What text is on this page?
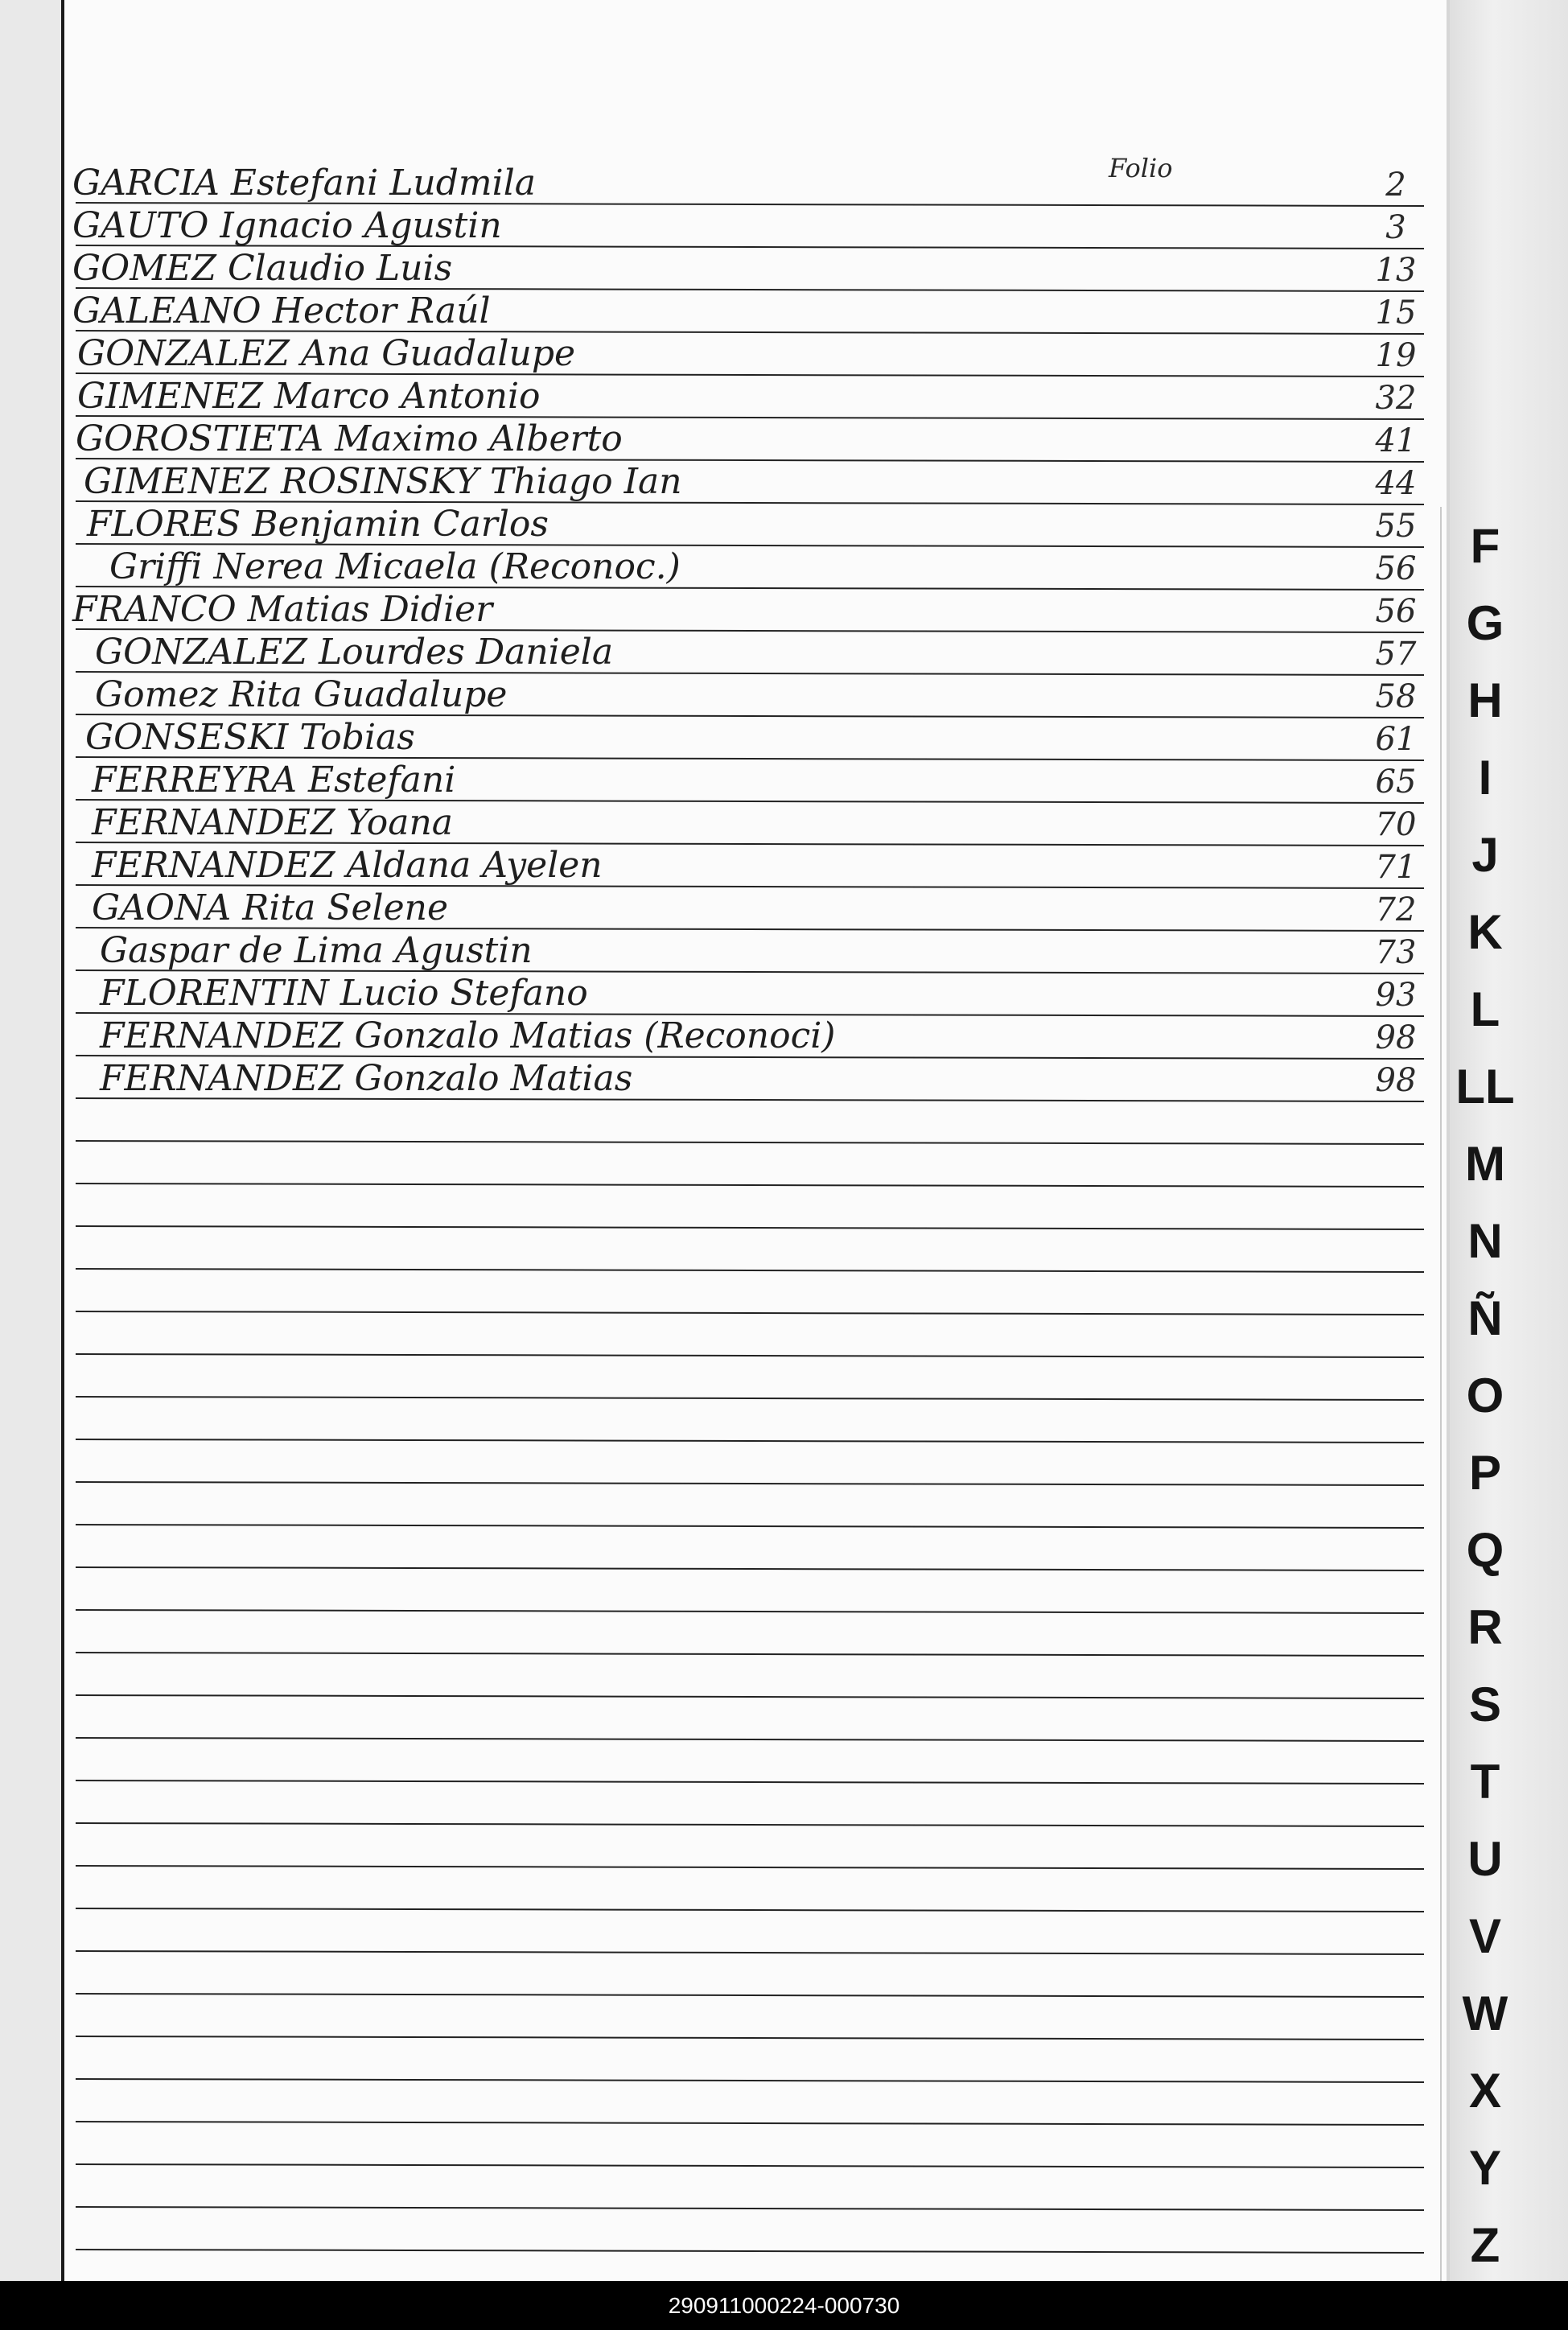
Folio
GARCIA Estefani Ludmila	2
GAUTO Ignacio Agustin	3
GOMEZ Claudio Luis	13
GALEANO Hector Raúl	15
GONZALEZ Ana Guadalupe	19
GIMENEZ Marco Antonio	32
GOROSTIETA Maximo Alberto	41
GIMENEZ ROSINSKY Thiago Ian	44
FLORES Benjamin Carlos	55
Griffi Nerea Micaela (Reconoc.)	56
FRANCO Matias Didier	56
GONZALEZ Lourdes Daniela	57
Gomez Rita Guadalupe	58
GONSESKI Tobias	61
FERREYRA Estefani	65
FERNANDEZ Yoana	70
FERNANDEZ Aldana Ayelen	71
GAONA Rita Selene	72
Gaspar de Lima Agustin	73
FLORENTIN Lucio Stefano	93
FERNANDEZ Gonzalo Matias (Reconoci)	98
FERNANDEZ Gonzalo Matias	98
F
G
H
I
J
K
L
LL
M
N
Ñ
O
P
Q
R
S
T
U
V
W
X
Y
Z
290911000224-000730
